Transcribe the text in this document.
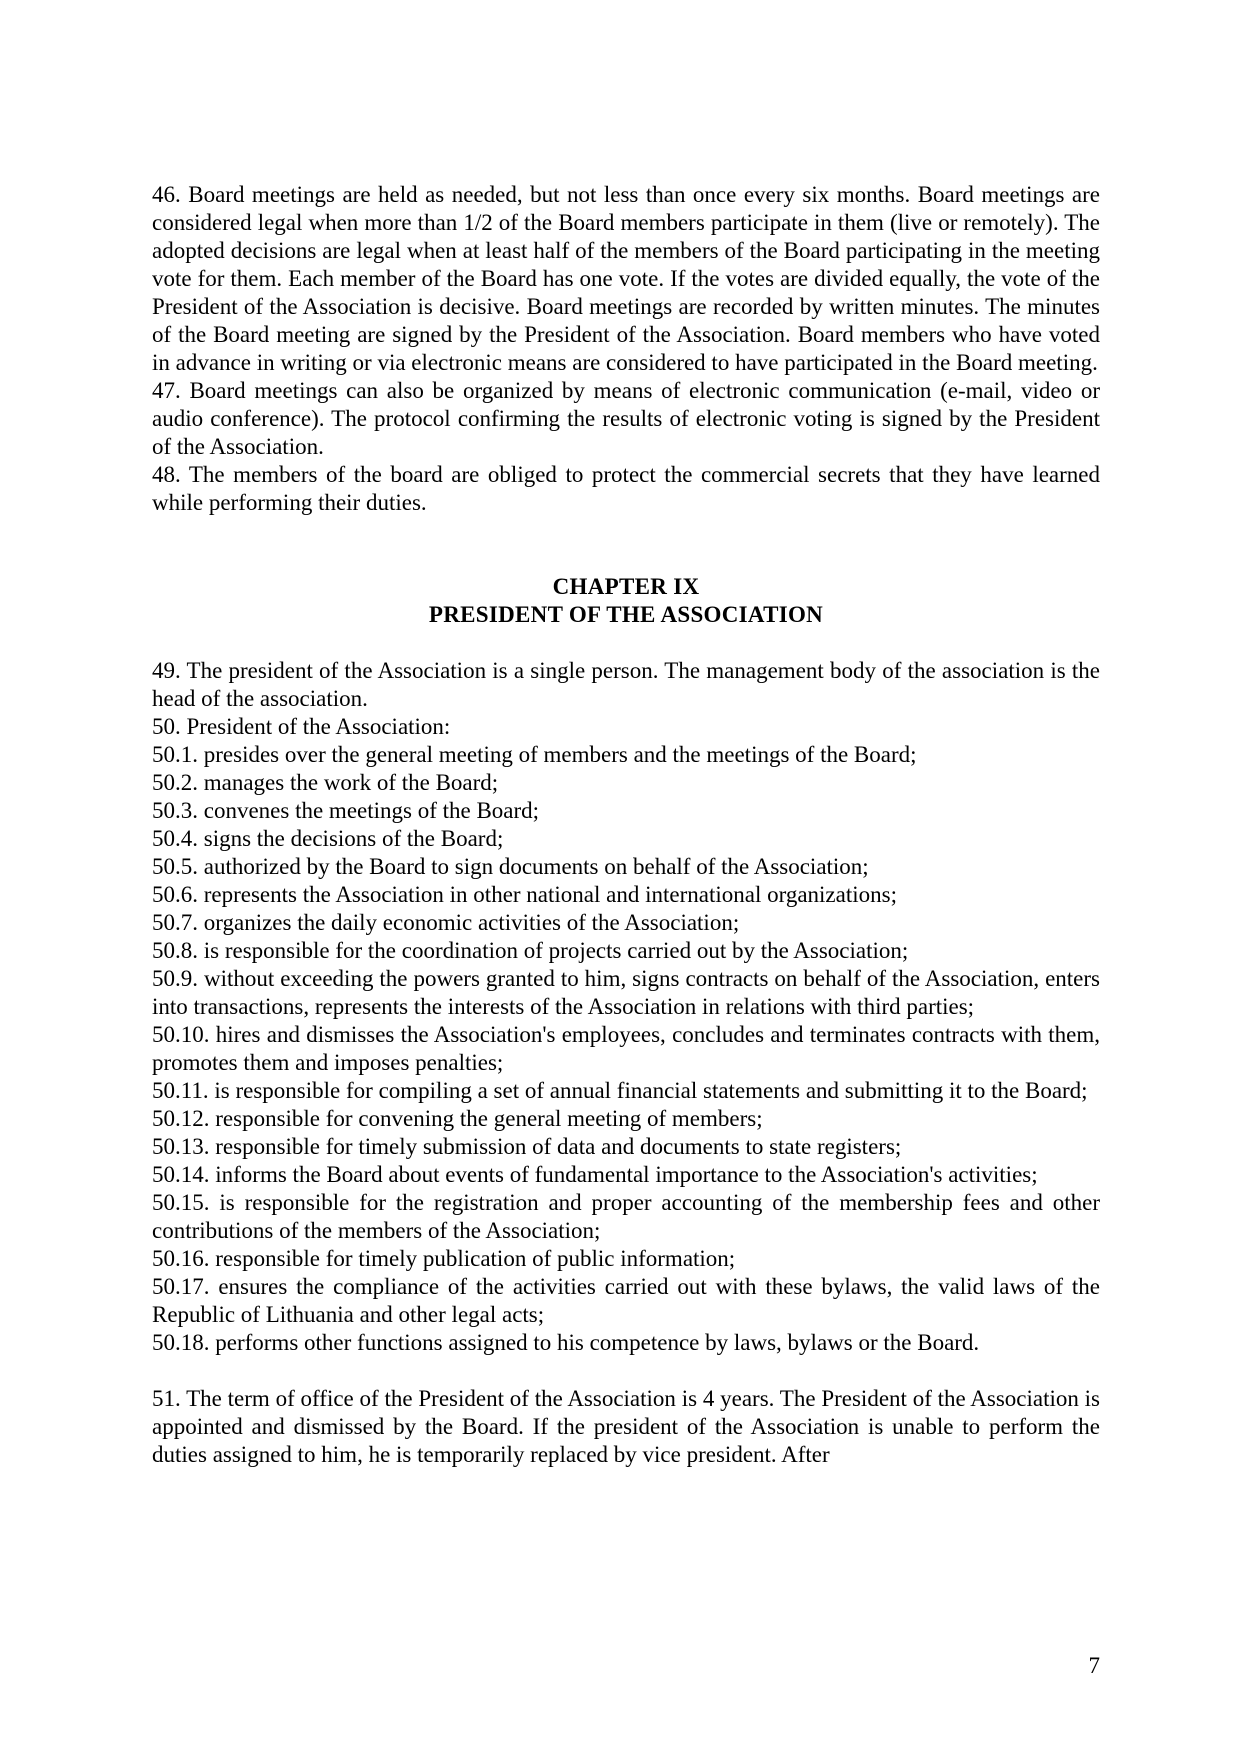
46. Board meetings are held as needed, but not less than once every six months. Board meetings are considered legal when more than 1/2 of the Board members participate in them (live or remotely). The adopted decisions are legal when at least half of the members of the Board participating in the meeting vote for them. Each member of the Board has one vote. If the votes are divided equally, the vote of the President of the Association is decisive. Board meetings are recorded by written minutes. The minutes of the Board meeting are signed by the President of the Association. Board members who have voted in advance in writing or via electronic means are considered to have participated in the Board meeting.

47. Board meetings can also be organized by means of electronic communication (e-mail, video or audio conference). The protocol confirming the results of electronic voting is signed by the President of the Association.

48. The members of the board are obliged to protect the commercial secrets that they have learned while performing their duties.

CHAPTER IX
PRESIDENT OF THE ASSOCIATION

49. The president of the Association is a single person. The management body of the association is the head of the association.

50. President of the Association:

50.1. presides over the general meeting of members and the meetings of the Board;

50.2. manages the work of the Board;

50.3. convenes the meetings of the Board;

50.4. signs the decisions of the Board;

50.5. authorized by the Board to sign documents on behalf of the Association;

50.6. represents the Association in other national and international organizations;

50.7. organizes the daily economic activities of the Association;

50.8. is responsible for the coordination of projects carried out by the Association;

50.9. without exceeding the powers granted to him, signs contracts on behalf of the Association, enters into transactions, represents the interests of the Association in relations with third parties;

50.10. hires and dismisses the Association's employees, concludes and terminates contracts with them, promotes them and imposes penalties;

50.11. is responsible for compiling a set of annual financial statements and submitting it to the Board;

50.12. responsible for convening the general meeting of members;

50.13. responsible for timely submission of data and documents to state registers;

50.14. informs the Board about events of fundamental importance to the Association's activities;

50.15. is responsible for the registration and proper accounting of the membership fees and other contributions of the members of the Association;

50.16. responsible for timely publication of public information;

50.17. ensures the compliance of the activities carried out with these bylaws, the valid laws of the Republic of Lithuania and other legal acts;

50.18. performs other functions assigned to his competence by laws, bylaws or the Board.

51. The term of office of the President of the Association is 4 years. The President of the Association is appointed and dismissed by the Board. If the president of the Association is unable to perform the duties assigned to him, he is temporarily replaced by vice president. After

7
